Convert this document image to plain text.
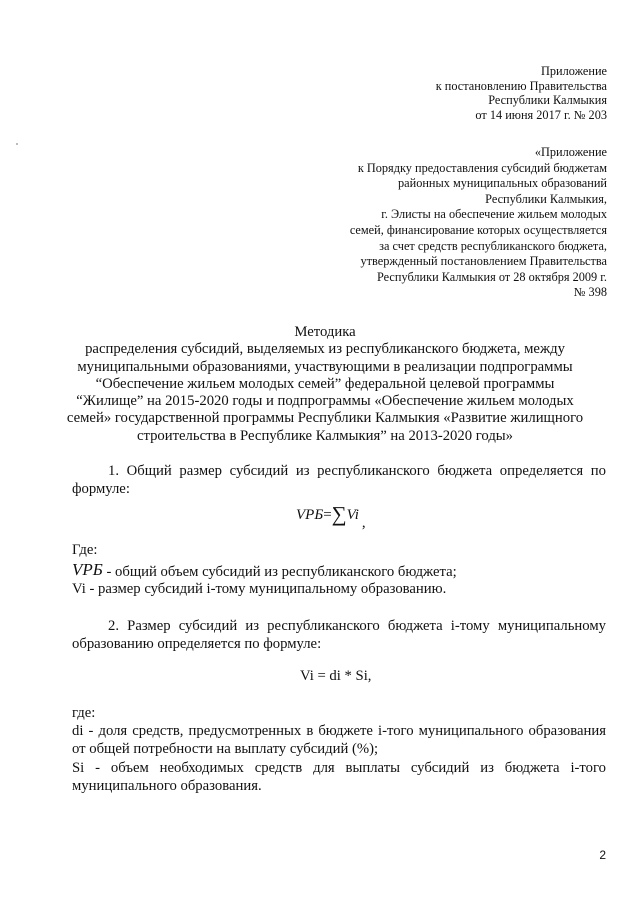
Приложение
к постановлению Правительства
Республики Калмыкия
от 14 июня 2017 г. № 203
«Приложение
к Порядку предоставления субсидий бюджетам
районных муниципальных образований
Республики Калмыкия,
г. Элисты на обеспечение жильем молодых
семей, финансирование которых осуществляется
за счет средств республиканского бюджета,
утвержденный постановлением Правительства
Республики Калмыкия от 28 октября 2009 г.
№ 398
Методика
распределения субсидий, выделяемых из республиканского бюджета, между
муниципальными образованиями, участвующими в реализации подпрограммы
“Обеспечение жильем молодых семей” федеральной целевой программы
“Жилище” на 2015-2020 годы и подпрограммы «Обеспечение жильем молодых
семей» государственной программы Республики Калмыкия «Развитие жилищного
строительства в Республике Калмыкия” на 2013-2020 годы»
1. Общий размер субсидий из республиканского бюджета определяется по формуле:
VРБ=∑Vi ,
Где:
VРБ - общий объем субсидий из республиканского бюджета;
Vi - размер субсидий i-тому муниципальному образованию.
2. Размер субсидий из республиканского бюджета i-тому муниципальному образованию определяется по формуле:
Vi = di * Si,
где:
di - доля средств, предусмотренных в бюджете i-того муниципального образования от общей потребности на выплату субсидий (%);
Si - объем необходимых средств для выплаты субсидий из бюджета i-того муниципального образования.
2
